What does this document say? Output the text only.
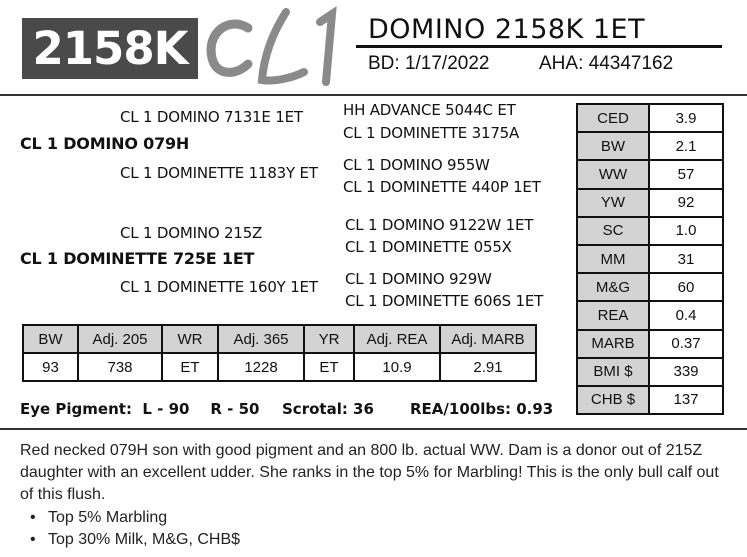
2158K	DOMINO 2158K 1ET
BD: 1/17/2022	AHA: 44347162
CL 1 DOMINO 7131E 1ET
CL 1 DOMINO 079H
CL 1 DOMINETTE 1183Y ET
HH ADVANCE 5044C ET
CL 1 DOMINETTE 3175A
CL 1 DOMINO 955W
CL 1 DOMINETTE 440P 1ET
CL 1 DOMINO 215Z
CL 1 DOMINETTE 725E 1ET
CL 1 DOMINETTE 160Y 1ET
CL 1 DOMINO 9122W 1ET
CL 1 DOMINETTE 055X
CL 1 DOMINO 929W
CL 1 DOMINETTE 606S 1ET
BW	Adj. 205	WR	Adj. 365	YR	Adj. REA	Adj. MARB
93	738	ET	1228	ET	10.9	2.91
Eye Pigment:  L - 90    R - 50 Scrotal: 36 REA/100lbs: 0.93
CED	3.9
BW	2.1
WW	57
YW	92
SC	1.0
MM	31
M&G	60
REA	0.4
MARB	0.37
BMI $	339
CHB $	137
Red necked 079H son with good pigment and an 800 lb. actual WW. Dam is a donor out of 215Z daughter with an excellent udder. She ranks in the top 5% for Marbling! This is the only bull calf out of this flush.
• Top 5% Marbling
• Top 30% Milk, M&G, CHB$
